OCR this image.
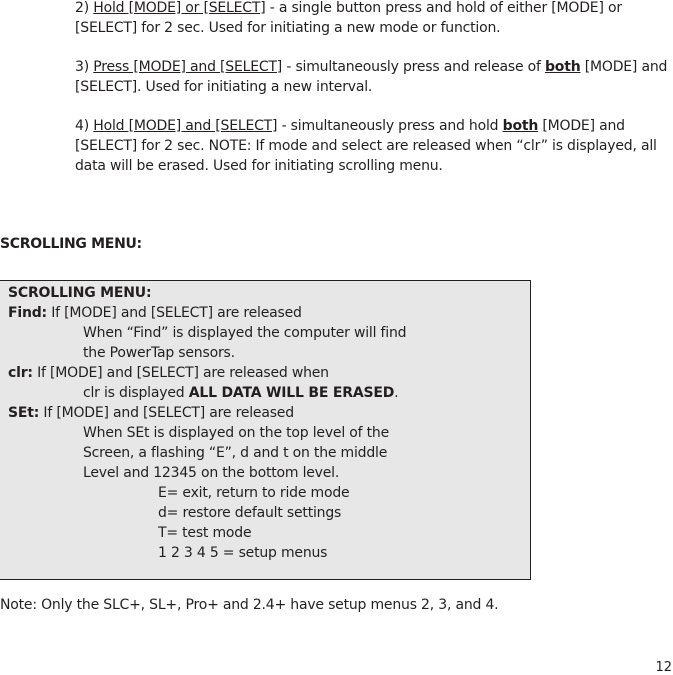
2) Hold [MODE] or [SELECT] - a single button press and hold of either [MODE] or
[SELECT] for 2 sec. Used for initiating a new mode or function.
3) Press [MODE] and [SELECT] - simultaneously press and release of both [MODE] and
[SELECT]. Used for initiating a new interval.
4) Hold [MODE] and [SELECT] - simultaneously press and hold both [MODE] and
[SELECT] for 2 sec. NOTE: If mode and select are released when “clr” is displayed, all
data will be erased. Used for initiating scrolling menu.
SCROLLING MENU:
SCROLLING MENU:
Find: If [MODE] and [SELECT] are released
When “Find” is displayed the computer will find
the PowerTap sensors.
clr: If [MODE] and [SELECT] are released when
clr is displayed ALL DATA WILL BE ERASED.
SEt: If [MODE] and [SELECT] are released
When SEt is displayed on the top level of the
Screen, a flashing “E”, d and t on the middle
Level and 12345 on the bottom level.
E= exit, return to ride mode
d= restore default settings
T= test mode
1 2 3 4 5 = setup menus
Note: Only the SLC+, SL+, Pro+ and 2.4+ have setup menus 2, 3, and 4.
12
